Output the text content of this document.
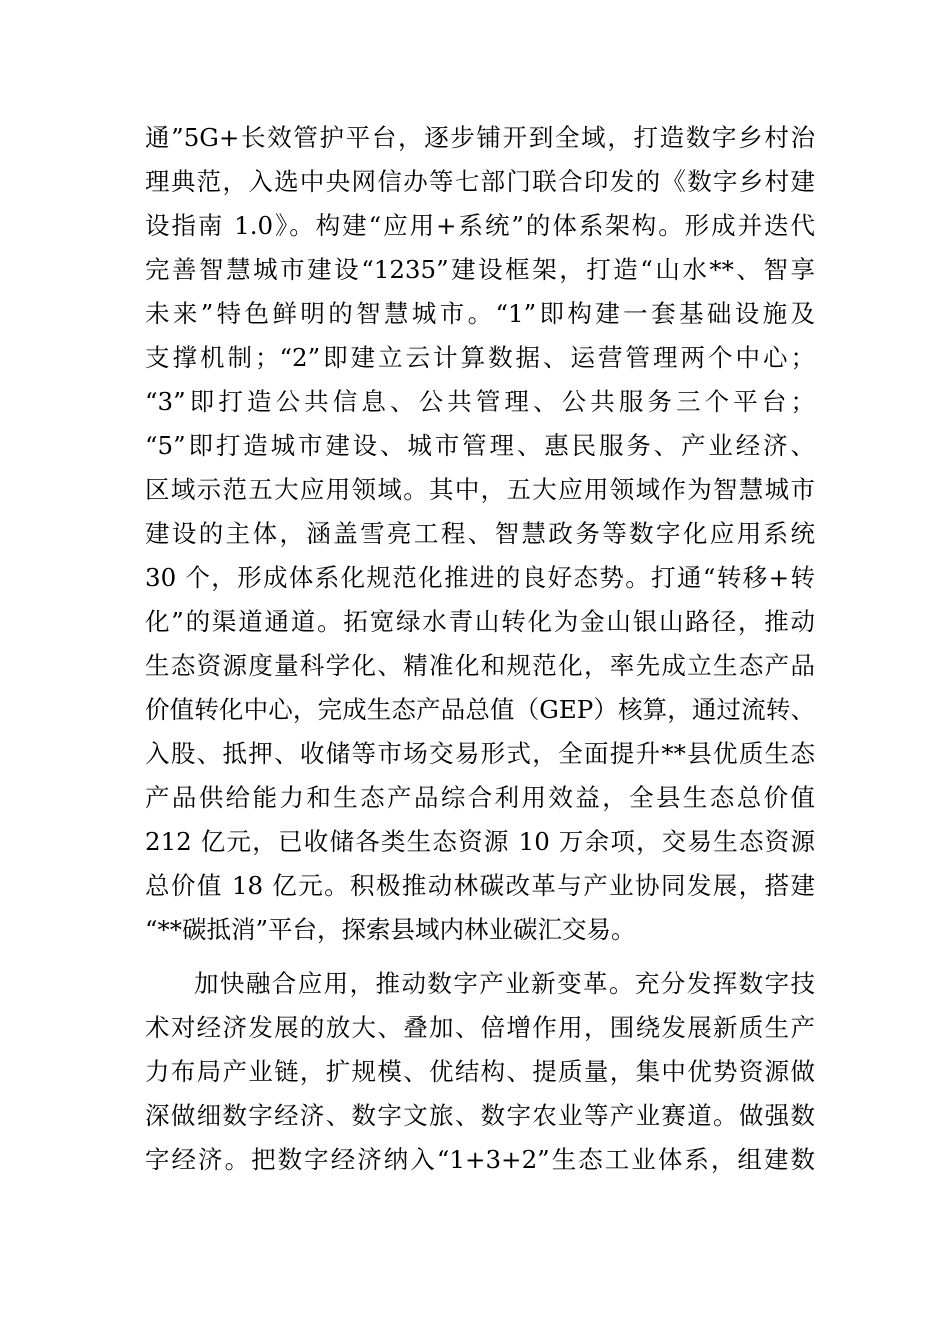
通”5G+长效管护平台，逐步铺开到全域，打造数字乡村治
理典范，入选中央网信办等七部门联合印发的《数字乡村建
设指南 1.0》。构建“应用+系统”的体系架构。形成并迭代
完善智慧城市建设“1235”建设框架，打造“山水**、智享
未来”特色鲜明的智慧城市。“1”即构建一套基础设施及
支撑机制；“2”即建立云计算数据、运营管理两个中心；
“3”即打造公共信息、公共管理、公共服务三个平台；
“5”即打造城市建设、城市管理、惠民服务、产业经济、
区域示范五大应用领域。其中，五大应用领域作为智慧城市
建设的主体，涵盖雪亮工程、智慧政务等数字化应用系统
30 个，形成体系化规范化推进的良好态势。打通“转移+转
化”的渠道通道。拓宽绿水青山转化为金山银山路径，推动
生态资源度量科学化、精准化和规范化，率先成立生态产品
价值转化中心，完成生态产品总值（GEP）核算，通过流转、
入股、抵押、收储等市场交易形式，全面提升**县优质生态
产品供给能力和生态产品综合利用效益，全县生态总价值
212 亿元，已收储各类生态资源 10 万余项，交易生态资源
总价值 18 亿元。积极推动林碳改革与产业协同发展，搭建
“**碳抵消”平台，探索县域内林业碳汇交易。
加快融合应用，推动数字产业新变革。充分发挥数字技
术对经济发展的放大、叠加、倍增作用，围绕发展新质生产
力布局产业链，扩规模、优结构、提质量，集中优势资源做
深做细数字经济、数字文旅、数字农业等产业赛道。做强数
字经济。把数字经济纳入“1+3+2”生态工业体系，组建数
